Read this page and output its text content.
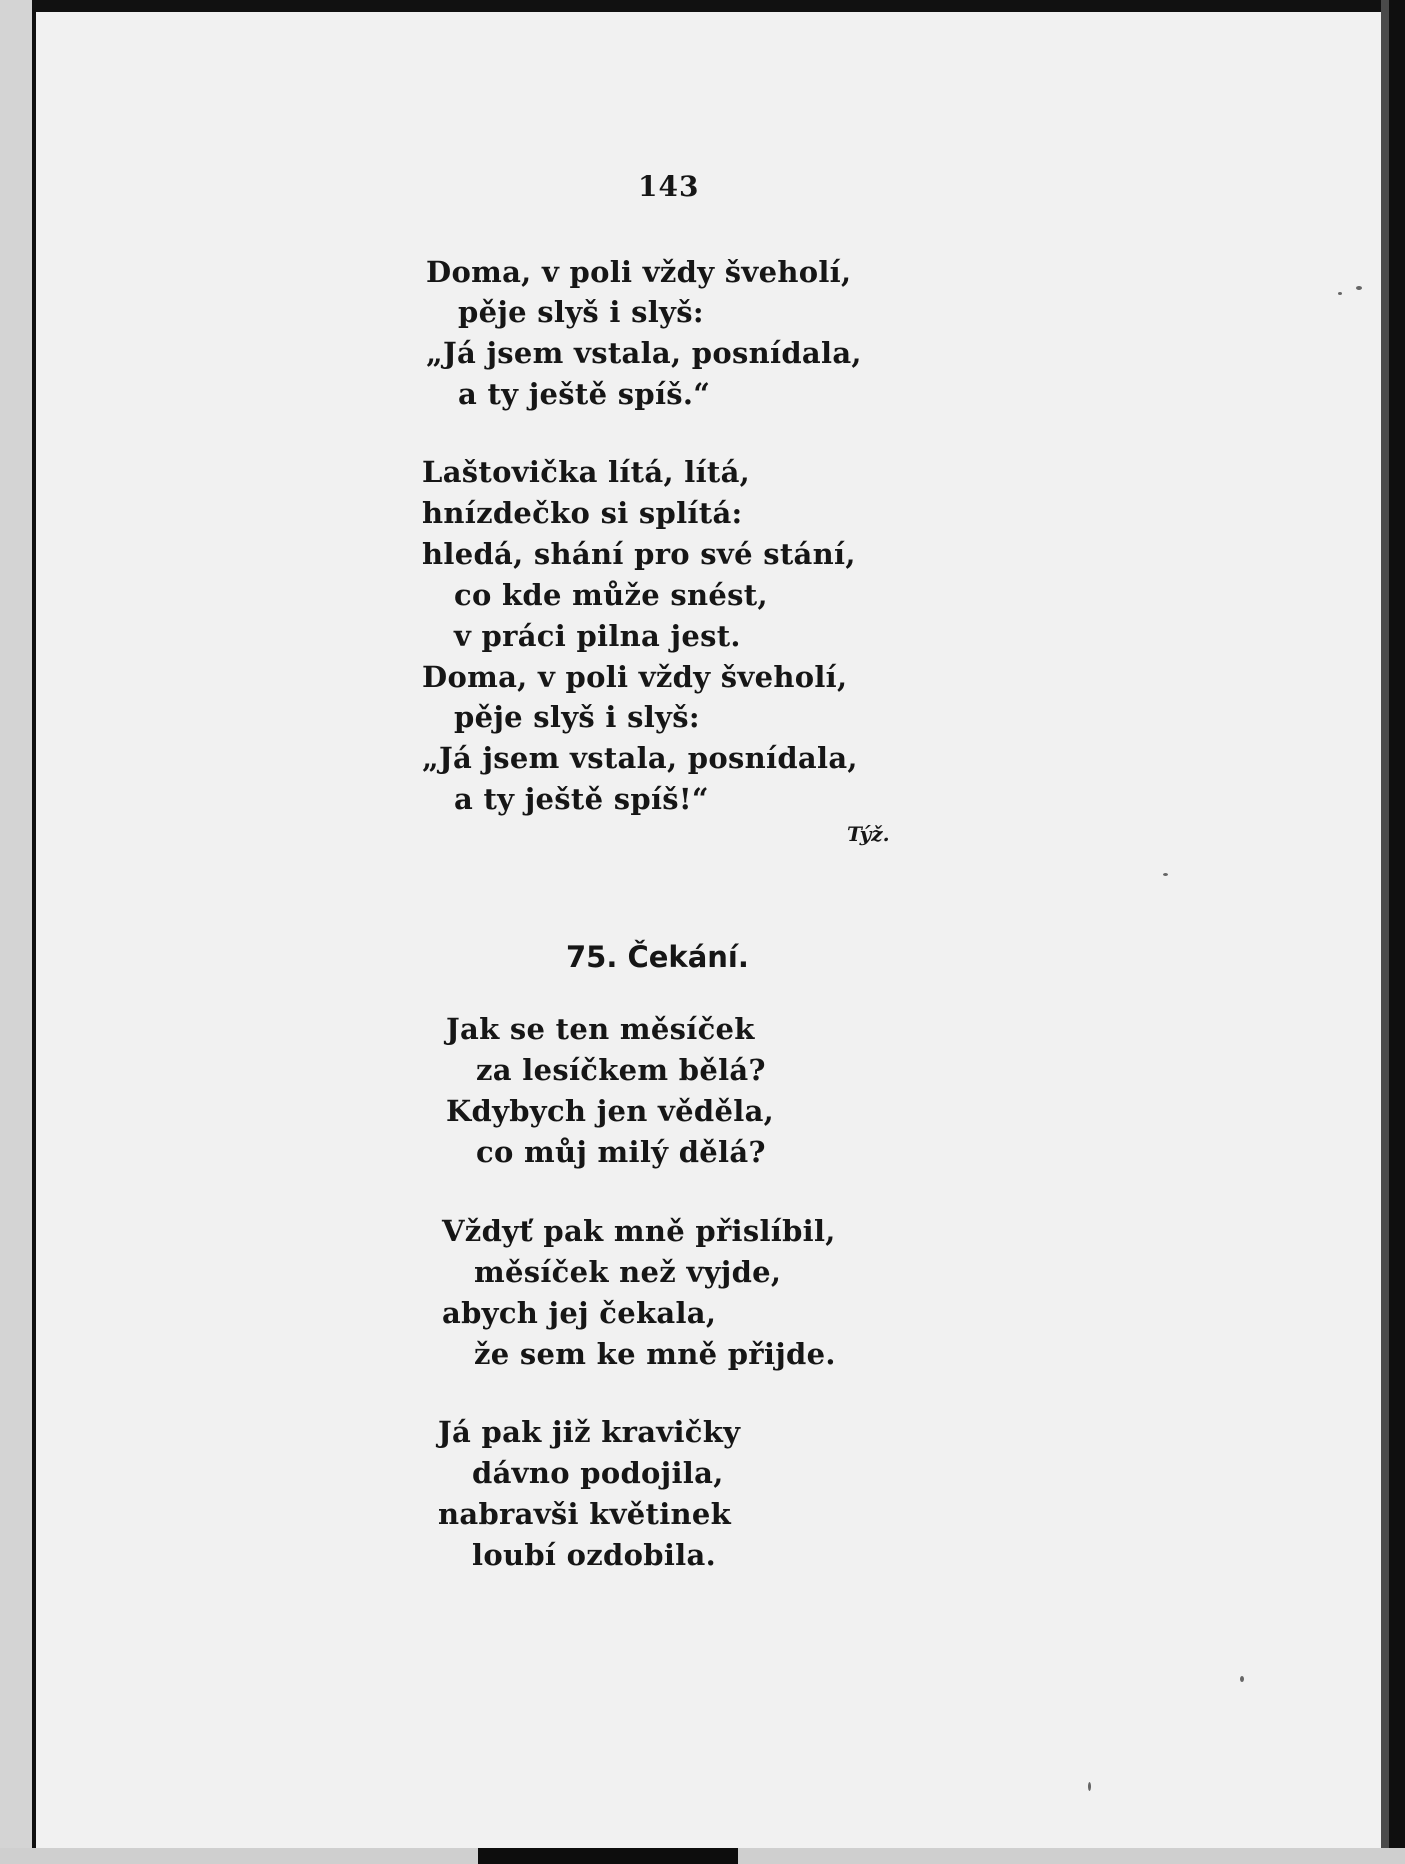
143
Doma, v poli vždy šveholí,
pěje slyš i slyš:
„Já jsem vstala, posnídala,
a ty ještě spíš.“
Laštovička lítá, lítá,
hnízdečko si splítá:
hledá, shání pro své stání,
co kde může snést,
v práci pilna jest.
Doma, v poli vždy šveholí,
pěje slyš i slyš:
„Já jsem vstala, posnídala,
a ty ještě spíš!“
Týž.
75. Čekání.
Jak se ten měsíček
za lesíčkem bělá?
Kdybych jen věděla,
co můj milý dělá?
Vždyť pak mně přislíbil,
měsíček než vyjde,
abych jej čekala,
že sem ke mně přijde.
Já pak již kravičky
dávno podojila,
nabravši květinek
loubí ozdobila.
